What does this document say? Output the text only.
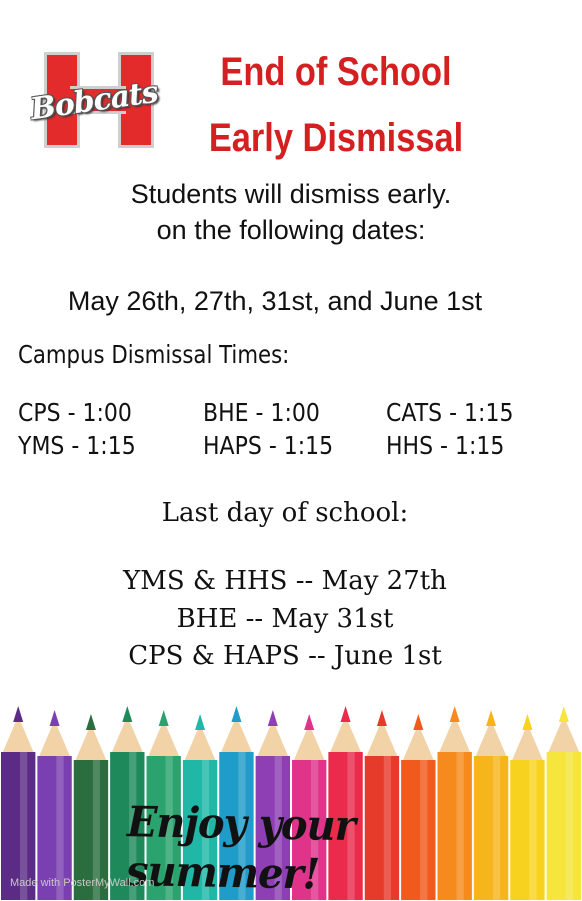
Bobcats
End of School
Early Dismissal
Students will dismiss early.
on the following dates:
May 26th, 27th, 31st, and June 1st
Campus Dismissal Times:
CPS - 1:00	BHE - 1:00	CATS - 1:15
YMS - 1:15	HAPS - 1:15 HHS - 1:15
Last day of school:
YMS & HHS -- May 27th
BHE -- May 31st
CPS & HAPS -- June 1st
Enjoy your summer!
Made with PosterMyWall.com
